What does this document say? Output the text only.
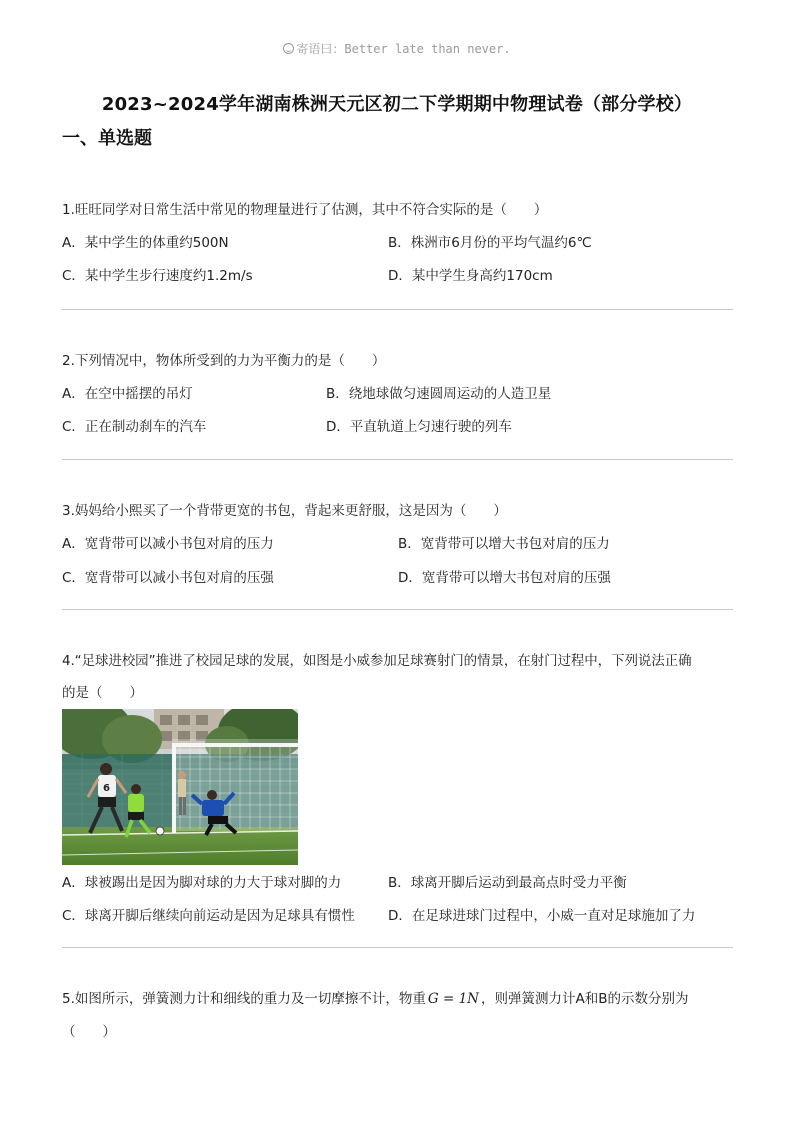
寄语曰：Better late than never.
2023~2024学年湖南株洲天元区初二下学期期中物理试卷（部分学校）
一、单选题
1.旺旺同学对日常生活中常见的物理量进行了估测，其中不符合实际的是（　　）
A．某中学生的体重约500N	B．株洲市6月份的平均气温约6℃
C．某中学生步行速度约1.2m/s	D．某中学生身高约170cm
2.下列情况中，物体所受到的力为平衡力的是（　　）
A．在空中摇摆的吊灯	B．绕地球做匀速圆周运动的人造卫星
C．正在制动刹车的汽车	D．平直轨道上匀速行驶的列车
3.妈妈给小熙买了一个背带更宽的书包，背起来更舒服，这是因为（　　）
A．宽背带可以减小书包对肩的压力	B．宽背带可以增大书包对肩的压力
C．宽背带可以减小书包对肩的压强	D．宽背带可以增大书包对肩的压强
4.“足球进校园”推进了校园足球的发展，如图是小威参加足球赛射门的情景，在射门过程中，下列说法正确
的是（　　）
6
A．球被踢出是因为脚对球的力大于球对脚的力	B．球离开脚后运动到最高点时受力平衡
C．球离开脚后继续向前运动是因为足球具有惯性 D．在足球进球门过程中，小威一直对足球施加了力
5.如图所示，弹簧测力计和细线的重力及一切摩擦不计，物重 G = 1N ，则弹簧测力计A和B的示数分别为
（　　）
